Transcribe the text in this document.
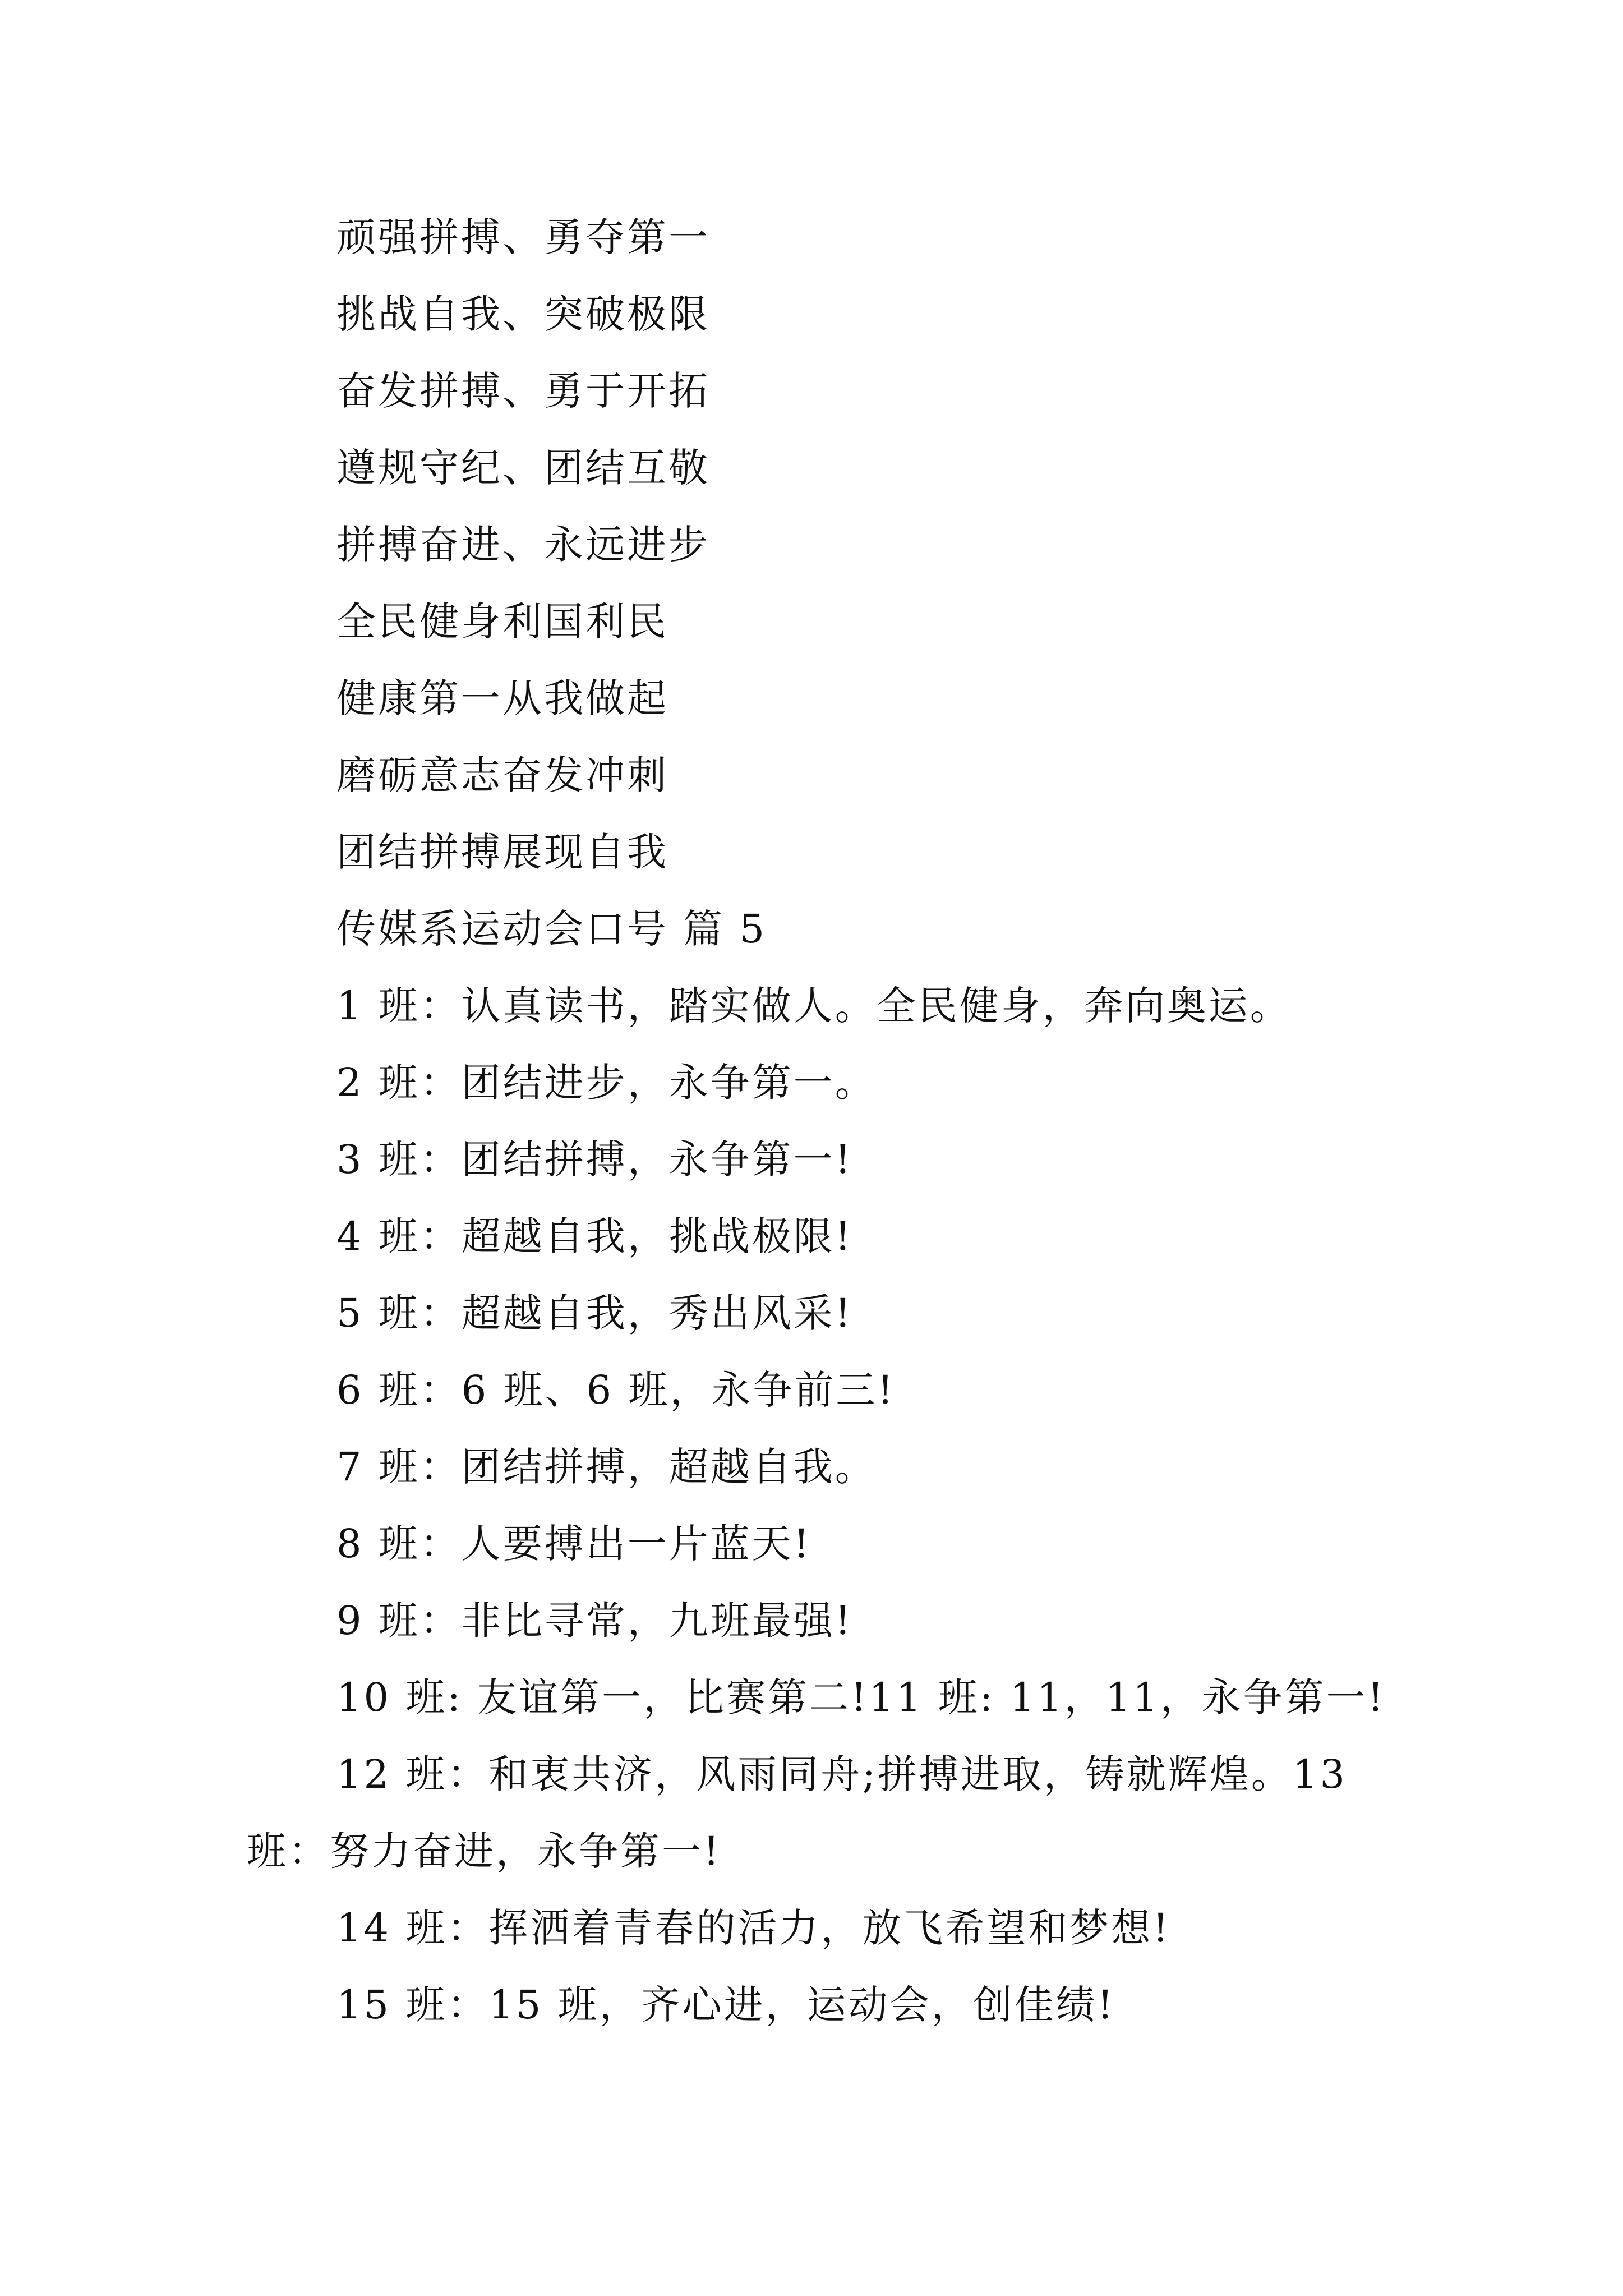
顽强拼搏、勇夺第一
挑战自我、突破极限
奋发拼搏、勇于开拓
遵规守纪、团结互敬
拼搏奋进、永远进步
全民健身利国利民
健康第一从我做起
磨砺意志奋发冲刺
团结拼搏展现自我
传媒系运动会口号 篇 5
1 班：认真读书，踏实做人。全民健身，奔向奥运。
2 班：团结进步，永争第一。
3 班：团结拼搏，永争第一!
4 班：超越自我，挑战极限!
5 班：超越自我，秀出风采!
6 班：6 班、6 班，永争前三!
7 班：团结拼搏，超越自我。
8 班：人要搏出一片蓝天!
9 班：非比寻常，九班最强!
10 班: 友谊第一，比赛第二!11 班: 11，11，永争第一!
12 班：和衷共济，风雨同舟;拼搏进取，铸就辉煌。13 班：努力奋进，永争第一!
14 班：挥洒着青春的活力，放飞希望和梦想!
15 班：15 班，齐心进，运动会，创佳绩!
